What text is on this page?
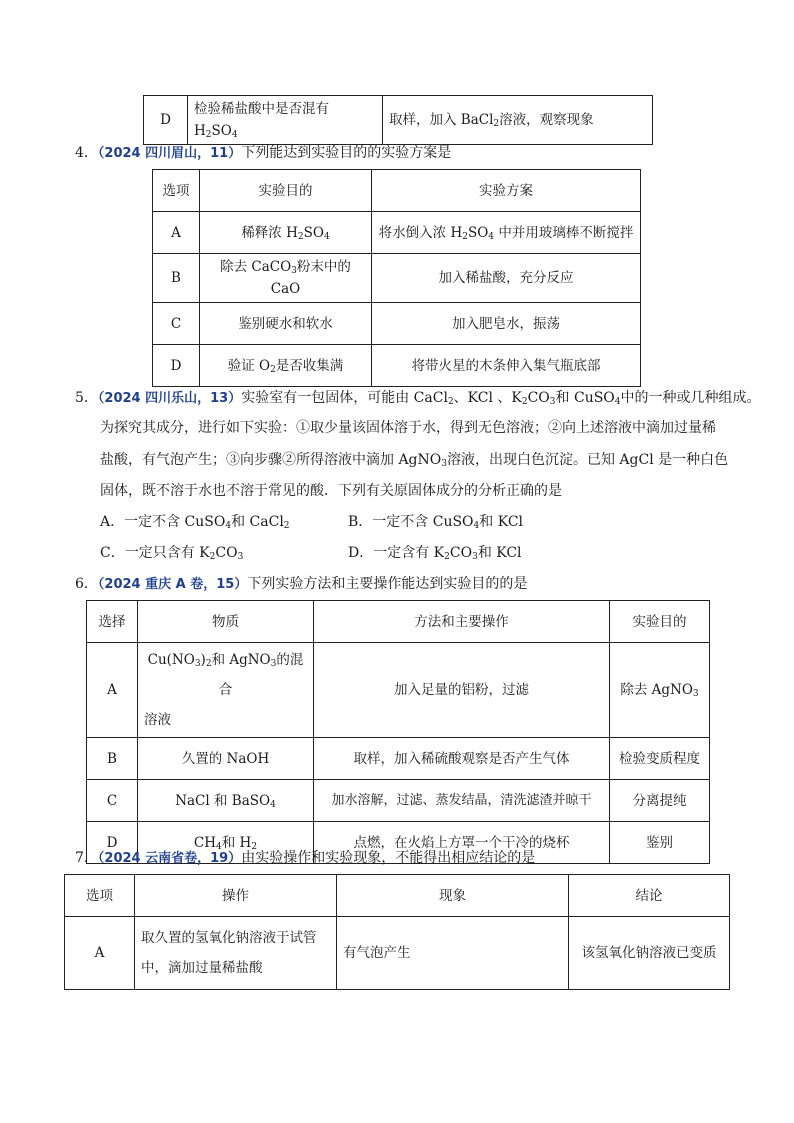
D	检验稀盐酸中是否混有 $H_2SO_4$	取样，加入 BaCl$_2$溶液，观察现象
4．（2024 四川眉山，11）下列能达到实验目的的实验方案是
选项	实验目的	实验方案
A	稀释浓 $H_2SO_4$	将水倒入浓 $H_2SO_4$ 中并用玻璃棒不断搅拌
B	除去 CaCO$_3$粉末中的 CaO	加入稀盐酸，充分反应
C	鉴别硬水和软水	加入肥皂水，振荡
D	验证 $O_2$是否收集满	将带火星的木条伸入集气瓶底部
5．（2024 四川乐山，13）实验室有一包固体，可能由 CaCl$_2$、KCl 、$K_2CO_3$和 CuSO$_4$中的一种或几种组成。
为探究其成分，进行如下实验：①取少量该固体溶于水，得到无色溶液；②向上述溶液中滴加过量稀
盐酸，有气泡产生；③向步骤②所得溶液中滴加 AgNO$_3$溶液，出现白色沉淀。已知 AgCl 是一种白色
固体，既不溶于水也不溶于常见的酸．下列有关原固体成分的分析正确的是
A．一定不含 CuSO$_4$和 CaCl$_2$	B．一定不含 CuSO$_4$和 KCl
C．一定只含有 $K_2CO_3$	D．一定含有 $K_2CO_3$和 KCl
6．（2024 重庆 A 卷，15）下列实验方法和主要操作能达到实验目的的是
选择	物质	方法和主要操作	实验目的
A	$Cu(NO_3)_2$和 AgNO$_3$的混合

溶液	加入足量的铝粉，过滤	除去 AgNO$_3$
B	久置的 NaOH	取样，加入稀硫酸观察是否产生气体	检验变质程度
C	NaCl 和 BaSO$_4$	加水溶解，过滤、蒸发结晶，清洗滤渣并晾干	分离提纯
D	$CH_4$和 $H_2$	点燃，在火焰上方罩一个干冷的烧杯	鉴别
7．（2024 云南省卷，19）由实验操作和实验现象，不能得出相应结论的是
选项	操作	现象	结论
A	取久置的氢氧化钠溶液于试管
中，滴加过量稀盐酸	有气泡产生	该氢氧化钠溶液已变质
